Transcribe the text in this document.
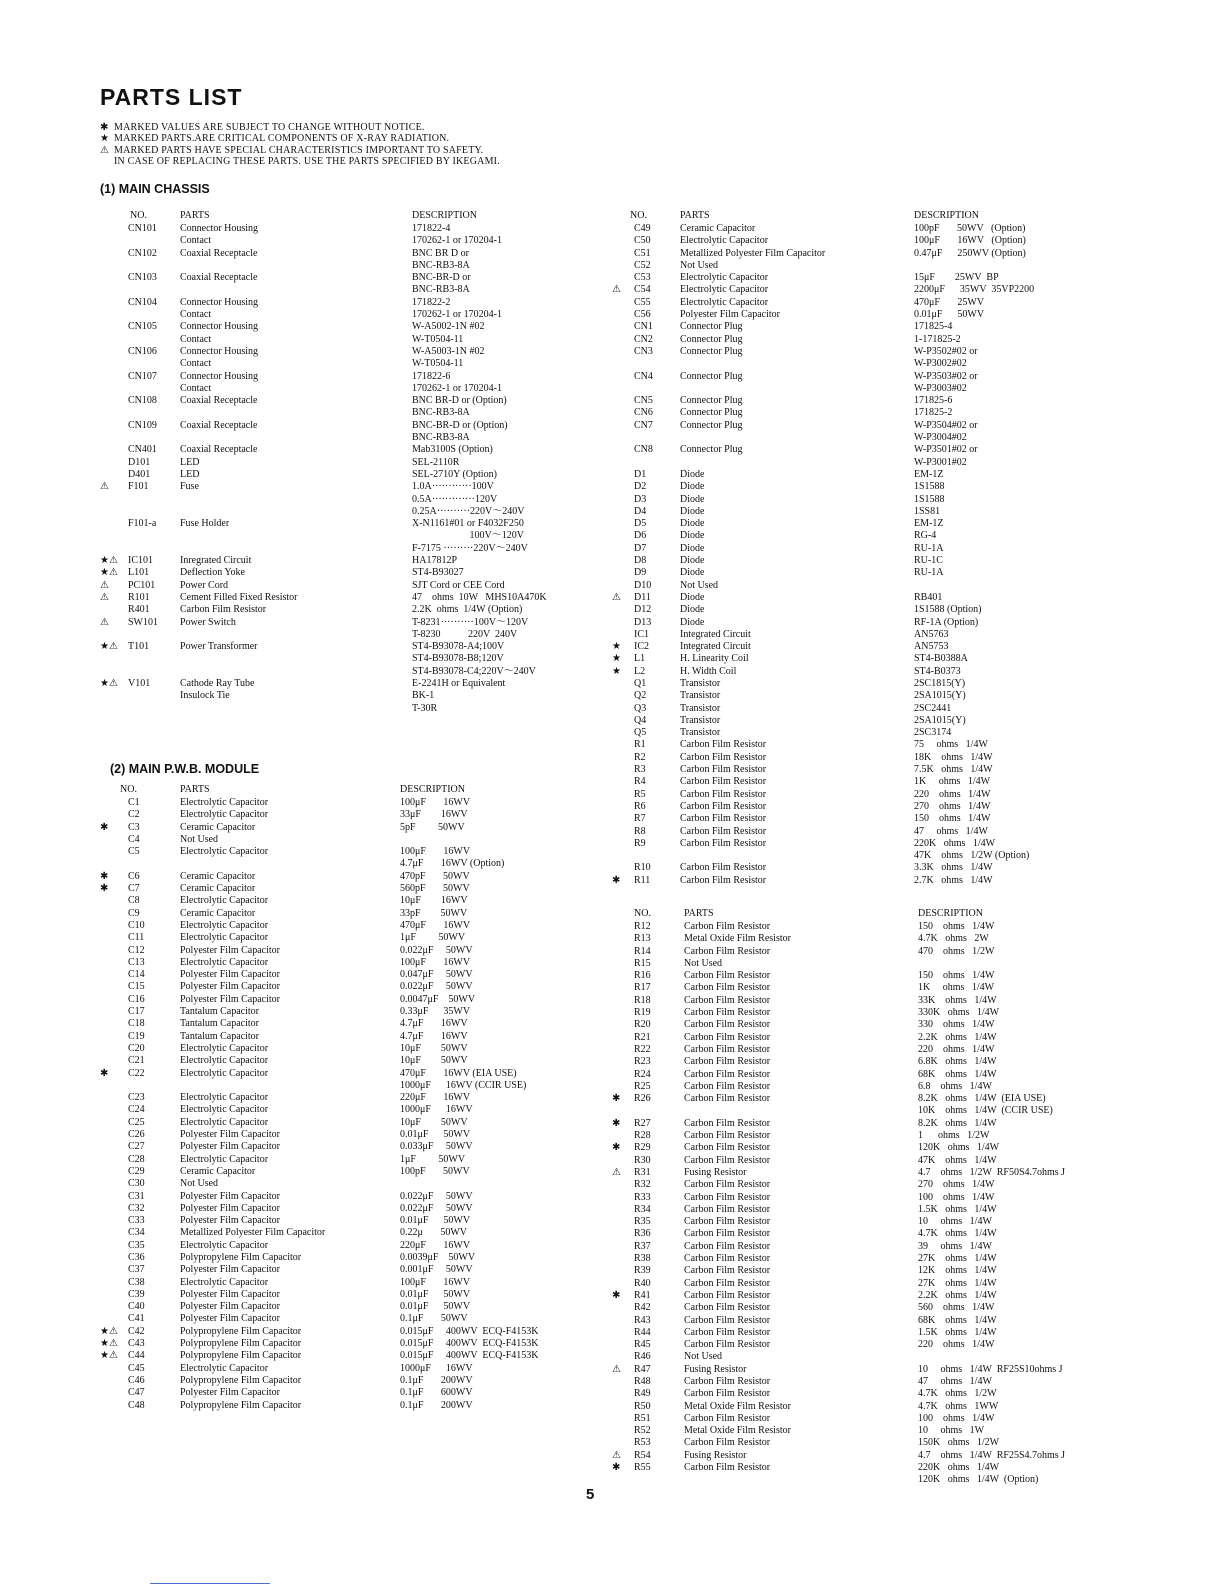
PARTS LIST
✱ MARKED VALUES ARE SUBJECT TO CHANGE WITHOUT NOTICE.
★ MARKED PARTS.ARE CRITICAL COMPONENTS OF X-RAY RADIATION.
⚠ MARKED PARTS HAVE SPECIAL CHARACTERISTICS IMPORTANT TO SAFETY.
IN CASE OF REPLACING THESE PARTS. USE THE PARTS SPECIFIED BY IKEGAMI.
(1) MAIN CHASSIS
(2) MAIN P.W.B. MODULE
NO.	PARTS	DESCRIPTION
CN101 Connector Housing	171822-4
Contact	170262-1 or 170204-1
CN102 Coaxial Receptacle	BNC BR D or
BNC-RB3-8A
CN103 Coaxial Receptacle	BNC-BR-D or
BNC-RB3-8A
CN104 Connector Housing	171822-2
Contact	170262-1 or 170204-1
CN105 Connector Housing	W-A5002-1N #02
Contact	W-T0504-11
CN106 Connector Housing	W-A5003-1N #02
Contact	W-T0504-11
CN107 Connector Housing	171822-6
Contact	170262-1 or 170204-1
CN108 Coaxial Receptacle	BNC BR-D or (Option)
BNC-RB3-8A
CN109 Coaxial Receptacle	BNC-BR-D or (Option)
BNC-RB3-8A
CN401 Coaxial Receptacle	Mab3100S (Option)
D101	LED	SEL-2110R
D401	LED	SEL-2710Y (Option)
⚠ F101	Fuse	1.0A············100V
0.5A·············120V
0.25A··········220V～240V
F101-a Fuse Holder	X-N1161#01 or F4032F250
100V～120V
F-7175 ·········220V～240V
★⚠ IC101	Inregrated Circuit	HA17812P
★⚠ L101	Deflection Yoke	ST4-B93027
⚠ PC101 Power Cord	SJT Cord or CEE Cord
⚠ R101	Cement Filled Fixed Resistor	47    ohms  10W   MHS10A470K
R401	Carbon Film Resistor	2.2K  ohms  1/4W (Option)
⚠ SW101 Power Switch	T-8231··········100V～120V
T-8230           220V  240V
★⚠ T101	Power Transformer	ST4-B93078-A4;100V
ST4-B93078-B8;120V
ST4-B93078-C4;220V～240V
★⚠ V101	Cathode Ray Tube	E-2241H or Equivalent
Insulock Tie	BK-1
T-30R
NO.	PARTS	DESCRIPTION
C1	Electrolytic Capacitor	100μF       16WV
C2	Electrolytic Capacitor	33μF        16WV
✱ C3	Ceramic Capacitor	5pF         50WV
C4	Not Used
C5	Electrolytic Capacitor	100μF       16WV
4.7μF       16WV (Option)
✱ C6	Ceramic Capacitor	470pF       50WV
✱ C7	Ceramic Capacitor	560pF       50WV
C8	Electrolytic Capacitor	10μF        16WV
C9	Ceramic Capacitor	33pF        50WV
C10	Electrolytic Capacitor	470μF       16WV
C11	Electrolytic Capacitor	1μF         50WV
C12	Polyester Film Capacitor	0.022μF     50WV
C13	Electrolytic Capacitor	100μF       16WV
C14	Polyester Film Capacitor	0.047μF     50WV
C15	Polyester Film Capacitor	0.022μF     50WV
C16	Polyester Film Capacitor	0.0047μF    50WV
C17	Tantalum Capacitor	0.33μF      35WV
C18	Tantalum Capacitor	4.7μF       16WV
C19	Tantalum Capacitor	4.7μF       16WV
C20	Electrolytic Capacitor	10μF        50WV
C21	Electrolytic Capacitor	10μF        50WV
✱ C22	Electrolytic Capacitor	470μF       16WV (EIA USE)
1000μF      16WV (CCIR USE)
C23	Electrolytic Capacitor	220μF       16WV
C24	Electrolytic Capacitor	1000μF      16WV
C25	Electrolytic Capacitor	10μF        50WV
C26	Polyester Film Capacitor	0.01μF      50WV
C27	Polyester Film Capacitor	0.033μF     50WV
C28	Electrolytic Capacitor	1μF         50WV
C29	Ceramic Capacitor	100pF       50WV
C30	Not Used
C31	Polyester Film Capacitor	0.022μF     50WV
C32	Polyester Film Capacitor	0.022μF     50WV
C33	Polyester Film Capacitor	0.01μF      50WV
C34	Metallized Polyester Film Capacitor	0.22μ       50WV
C35	Electrolytic Capacitor	220μF       16WV
C36	Polypropylene Film Capacitor	0.0039μF    50WV
C37	Polyester Film Capacitor	0.001μF     50WV
C38	Electrolytic Capacitor	100μF       16WV
C39	Polyester Film Capacitor	0.01μF      50WV
C40	Polyester Film Capacitor	0.01μF      50WV
C41	Polyester Film Capacitor	0.1μF       50WV
★⚠ C42	Polypropylene Film Capacitor	0.015μF     400WV  ECQ-F4153K
★⚠ C43	Polypropylene Film Capacitor	0.015μF     400WV  ECQ-F4153K
★⚠ C44	Polypropylene Film Capacitor	0.015μF     400WV  ECQ-F4153K
C45	Electrolytic Capacitor	1000μF      16WV
C46	Polypropylene Film Capacitor	0.1μF       200WV
C47	Polyester Film Capacitor	0.1μF       600WV
C48	Polypropylene Film Capacitor	0.1μF       200WV
NO.	PARTS	DESCRIPTION
C49	Ceramic Capacitor	100pF       50WV   (Option)
C50	Electrolytic Capacitor	100μF       16WV   (Option)
C51	Metallized Polyester Film Capacitor	0.47μF      250WV (Option)
C52	Not Used
C53	Electrolytic Capacitor	15μF        25WV  BP
⚠ C54	Electrolytic Capacitor	2200μF      35WV  35VP2200
C55	Electrolytic Capacitor	470μF       25WV
C56	Polyester Film Capacitor	0.01μF      50WV
CN1	Connector Plug	171825-4
CN2	Connector Plug	1-171825-2
CN3	Connector Plug	W-P3502#02 or
W-P3002#02
CN4	Connector Plug	W-P3503#02 or
W-P3003#02
CN5	Connector Plug	171825-6
CN6	Connector Plug	171825-2
CN7	Connector Plug	W-P3504#02 or
W-P3004#02
CN8	Connector Plug	W-P3501#02 or
W-P3001#02
D1	Diode	EM-1Z
D2	Diode	1S1588
D3	Diode	1S1588
D4	Diode	1SS81
D5	Diode	EM-1Z
D6	Diode	RG-4
D7	Diode	RU-1A
D8	Diode	RU-1C
D9	Diode	RU-1A
D10	Not Used
⚠ D11	Diode	RB401
D12	Diode	1S1588 (Option)
D13	Diode	RF-1A (Option)
IC1	Integrated Circuit	AN5763
★ IC2	Integrated Circuit	AN5753
★ L1	H. Linearity Coil	ST4-B0388A
★ L2	H. Width Coil	ST4-B0373
Q1	Transistor	2SC1815(Y)
Q2	Transistor	2SA1015(Y)
Q3	Transistor	2SC2441
Q4	Transistor	2SA1015(Y)
Q5	Transistor	2SC3174
R1	Carbon Film Resistor	75     ohms   1/4W
R2	Carbon Film Resistor	18K    ohms   1/4W
R3	Carbon Film Resistor	7.5K   ohms   1/4W
R4	Carbon Film Resistor	1K     ohms   1/4W
R5	Carbon Film Resistor	220    ohms   1/4W
R6	Carbon Film Resistor	270    ohms   1/4W
R7	Carbon Film Resistor	150    ohms   1/4W
R8	Carbon Film Resistor	47     ohms   1/4W
R9	Carbon Film Resistor	220K   ohms   1/4W
47K    ohms   1/2W (Option)
R10	Carbon Film Resistor	3.3K   ohms   1/4W
✱ R11	Carbon Film Resistor	2.7K   ohms   1/4W
NO.	PARTS	DESCRIPTION
R12	Carbon Film Resistor	150    ohms   1/4W
R13	Metal Oxide Film Resistor	4.7K   ohms   2W
R14	Carbon Film Resistor	470    ohms   1/2W
R15	Not Used
R16	Carbon Film Resistor	150    ohms   1/4W
R17	Carbon Film Resistor	1K     ohms   1/4W
R18	Carbon Film Resistor	33K    ohms   1/4W
R19	Carbon Film Resistor	330K   ohms   1/4W
R20	Carbon Film Resistor	330    ohms   1/4W
R21	Carbon Film Resistor	2.2K   ohms   1/4W
R22	Carbon Film Resistor	220    ohms   1/4W
R23	Carbon Film Resistor	6.8K   ohms   1/4W
R24	Carbon Film Resistor	68K    ohms   1/4W
R25	Carbon Film Resistor	6.8    ohms   1/4W
✱ R26	Carbon Film Resistor	8.2K   ohms   1/4W  (EIA USE)
10K    ohms   1/4W  (CCIR USE)
✱ R27	Carbon Film Resistor	8.2K   ohms   1/4W
R28	Carbon Film Resistor	1      ohms   1/2W
✱ R29	Carbon Film Resistor	120K   ohms   1/4W
R30	Carbon Film Resistor	47K    ohms   1/4W
⚠ R31	Fusing Resistor	4.7    ohms   1/2W  RF50S4.7ohms J
R32	Carbon Film Resistor	270    ohms   1/4W
R33	Carbon Film Resistor	100    ohms   1/4W
R34	Carbon Film Resistor	1.5K   ohms   1/4W
R35	Carbon Film Resistor	10     ohms   1/4W
R36	Carbon Film Resistor	4.7K   ohms   1/4W
R37	Carbon Film Resistor	39     ohms   1/4W
R38	Carbon Film Resistor	27K    ohms   1/4W
R39	Carbon Film Resistor	12K    ohms   1/4W
R40	Carbon Film Resistor	27K    ohms   1/4W
✱ R41	Carbon Film Resistor	2.2K   ohms   1/4W
R42	Carbon Film Resistor	560    ohms   1/4W
R43	Carbon Film Resistor	68K    ohms   1/4W
R44	Carbon Film Resistor	1.5K   ohms   1/4W
R45	Carbon Film Resistor	220    ohms   1/4W
R46	Not Used
⚠ R47	Fusing Resistor	10     ohms   1/4W  RF25S10ohms J
R48	Carbon Film Resistor	47     ohms   1/4W
R49	Carbon Film Resistor	4.7K   ohms   1/2W
R50	Metal Oxide Film Resistor	4.7K   ohms   1WW
R51	Carbon Film Resistor	100    ohms   1/4W
R52	Metal Oxide Film Resistor	10     ohms   1W
R53	Carbon Film Resistor	150K   ohms   1/2W
⚠ R54	Fusing Resistor	4.7    ohms   1/4W  RF25S4.7ohms J
✱ R55	Carbon Film Resistor	220K   ohms   1/4W
120K   ohms   1/4W  (Option)
5
